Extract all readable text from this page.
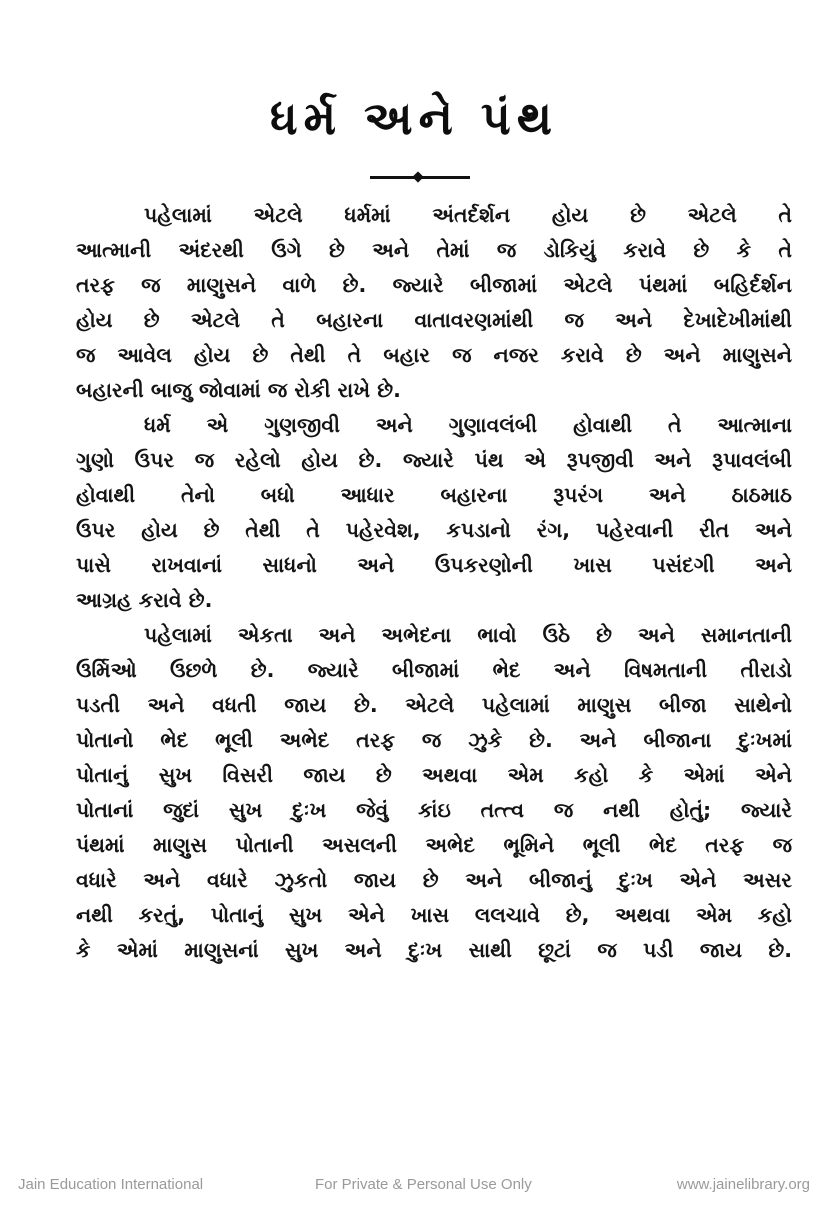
ધર્મ અને પંથ
પહેલામાં એટલે ધર્મમાં અંતર્દર્શન હોય છે એટલે તે
આત્માની અંદરથી ઉગે છે અને તેમાં જ ડોકિયું કરાવે છે કે તે
તરફ જ માણુસને વાળે છે. જ્યારે બીજામાં એટલે પંથમાં બહિર્દર્શન
હોય છે એટલે તે બહારના વાતાવરણમાંથી જ અને દેખાદેખીમાંથી
જ આવેલ હોય છે તેથી તે બહાર જ નજર કરાવે છે અને માણુસને
બહારની બાજુ જોવામાં જ રોકી રાખે છે.
ધર્મ એ ગુણજીવી અને ગુણાવલંબી હોવાથી તે આત્માના
ગુણો ઉપર જ રહેલો હોય છે. જ્યારે પંથ એ રૂપજીવી અને રૂપાવલંબી
હોવાથી તેનો બધો આધાર બહારના રૂપરંગ અને ઠાઠમાઠ
ઉપર હોય છે તેથી તે પહેરવેશ, કપડાનો રંગ, પહેરવાની રીત અને
પાસે રાખવાનાં સાધનો અને ઉપકરણોની ખાસ પસંદગી અને
આગ્રહ કરાવે છે.
પહેલામાં એકતા અને અભેદના ભાવો ઉઠે છે અને સમાનતાની
ઉર્મિઓ ઉછળે છે. જ્યારે બીજામાં ભેદ અને વિષમતાની તીરાડો
પડતી અને વધતી જાય છે. એટલે પહેલામાં માણુસ બીજા સાથેનો
પોતાનો ભેદ ભૂલી અભેદ તરફ જ ઝુકે છે. અને બીજાના દુઃખમાં
પોતાનું સુખ વિસરી જાય છે અથવા એમ કહો કે એમાં એને
પોતાનાં જુદાં સુખ દુઃખ જેવું કાંઇ તત્ત્વ જ નથી હોતું; જ્યારે
પંથમાં માણુસ પોતાની અસલની અભેદ ભૂમિને ભૂલી ભેદ તરફ જ
વધારે અને વધારે ઝુકતો જાય છે અને બીજાનું દુઃખ એને અસર
નથી કરતું, પોતાનું સુખ એને ખાસ લલચાવે છે, અથવા એમ કહો
કે એમાં માણુસનાં સુખ અને દુઃખ સાથી છૂટાં જ પડી જાય છે.
Jain Education International	For Private & Personal Use Only	www.jainelibrary.org
